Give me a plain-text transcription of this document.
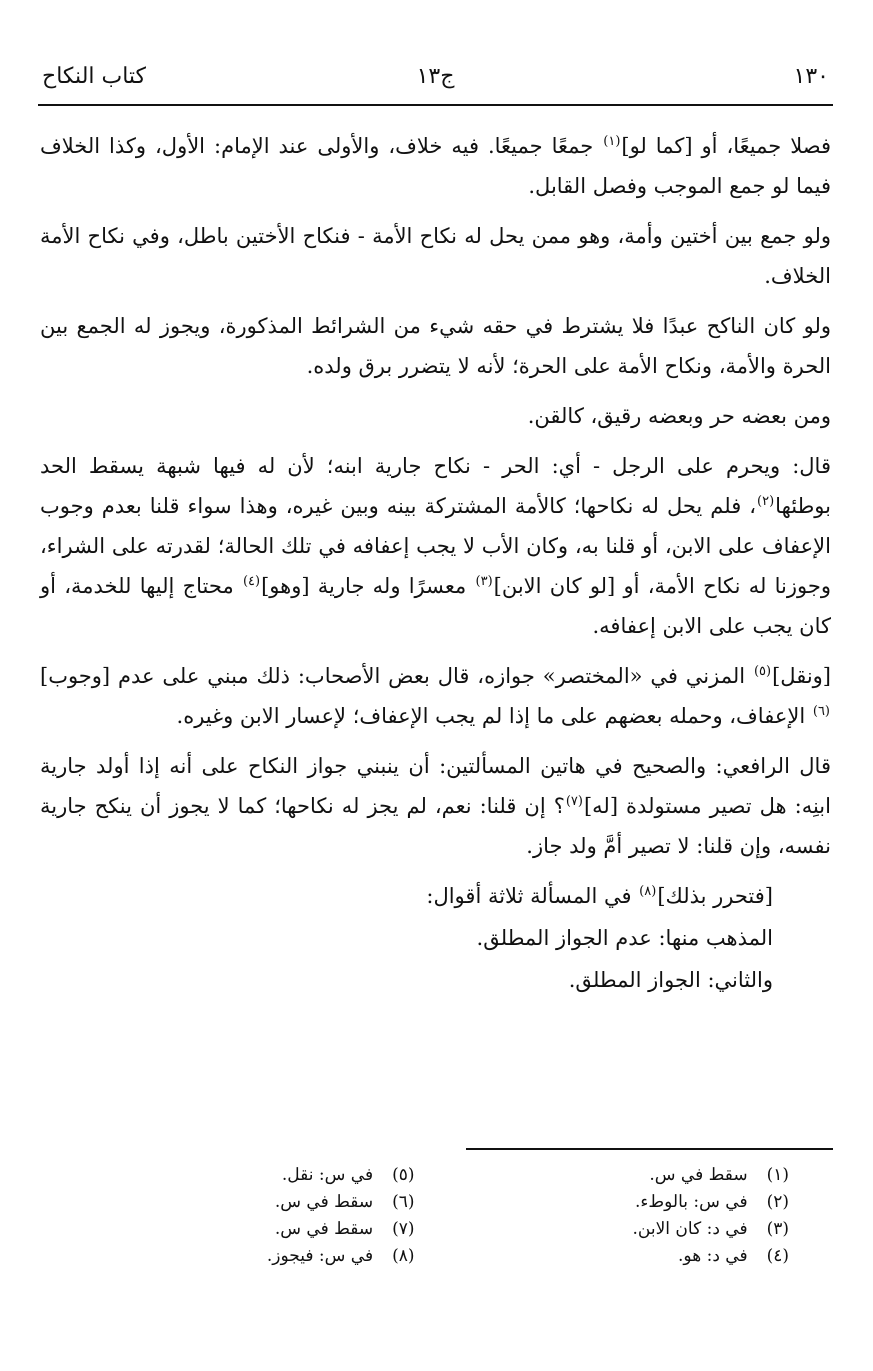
١٣٠
ج١٣
كتاب النكاح

فصلا جميعًا، أو [كما لو]$^{(١)}$ جمعًا جميعًا. فيه خلاف، والأولى عند الإمام: الأول، وكذا الخلاف فيما لو جمع الموجب وفصل القابل.

ولو جمع بين أختين وأمة، وهو ممن يحل له نكاح الأمة - فنكاح الأختين باطل، وفي نكاح الأمة الخلاف.

ولو كان الناكح عبدًا فلا يشترط في حقه شيء من الشرائط المذكورة، ويجوز له الجمع بين الحرة والأمة، ونكاح الأمة على الحرة؛ لأنه لا يتضرر برق ولده.

ومن بعضه حر وبعضه رقيق، كالقن.

قال: ويحرم على الرجل - أي: الحر - نكاح جارية ابنه؛ لأن له فيها شبهة يسقط الحد بوطئها$^{(٢)}$، فلم يحل له نكاحها؛ كالأمة المشتركة بينه وبين غيره، وهذا سواء قلنا بعدم وجوب الإعفاف على الابن، أو قلنا به، وكان الأب لا يجب إعفافه في تلك الحالة؛ لقدرته على الشراء، وجوزنا له نكاح الأمة، أو [لو كان الابن]$^{(٣)}$ معسرًا وله جارية [وهو]$^{(٤)}$ محتاج إليها للخدمة، أو كان يجب على الابن إعفافه.

[ونقل]$^{(٥)}$ المزني في «المختصر» جوازه، قال بعض الأصحاب: ذلك مبني على عدم [وجوب]$^{(٦)}$ الإعفاف، وحمله بعضهم على ما إذا لم يجب الإعفاف؛ لإعسار الابن وغيره.

قال الرافعي: والصحيح في هاتين المسألتين: أن ينبني جواز النكاح على أنه إذا أولد جارية ابنِه: هل تصير مستولدة [له]$^{(٧)}$؟ إن قلنا: نعم، لم يجز له نكاحها؛ كما لا يجوز أن ينكح جارية نفسه، وإن قلنا: لا تصير أمَّ ولد جاز.

[فتحرر بذلك]$^{(٨)}$ في المسألة ثلاثة أقوال:

المذهب منها: عدم الجواز المطلق.

والثاني: الجواز المطلق.

(١) سقط في س.
(٢) في س: بالوطء.
(٣) في د: كان الابن.
(٤) في د: هو.
(٥) في س: نقل.
(٦) سقط في س.
(٧) سقط في س.
(٨) في س: فيجوز.
